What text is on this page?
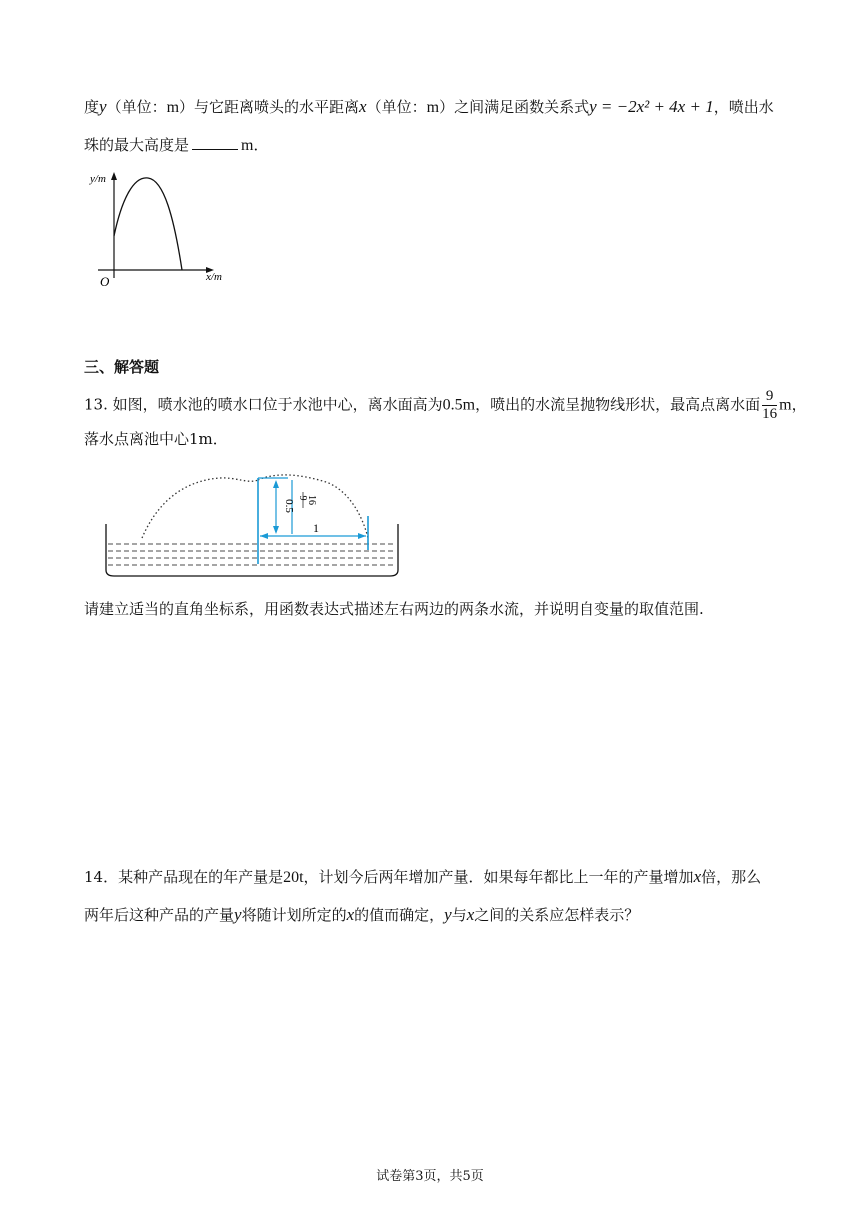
度y（单位：m）与它距离喷头的水平距离x（单位：m）之间满足函数关系式y = −2x² + 4x + 1，喷出水
珠的最大高度是	m．
y/m
x/m
O
三、解答题
13. 如图，喷水池的喷水口位于水池中心，离水面高为0.5m，喷出的水流呈抛物线形状，最高点离水面 $\frac{9}{16}$ m，
落水点离池中心1m．
0.5
9
16
1
请建立适当的直角坐标系，用函数表达式描述左右两边的两条水流，并说明自变量的取值范围.
14．某种产品现在的年产量是20t，计划今后两年增加产量．如果每年都比上一年的产量增加x倍，那么
两年后这种产品的产量y将随计划所定的x的值而确定，y与x之间的关系应怎样表示？
试卷第3页，共5页
